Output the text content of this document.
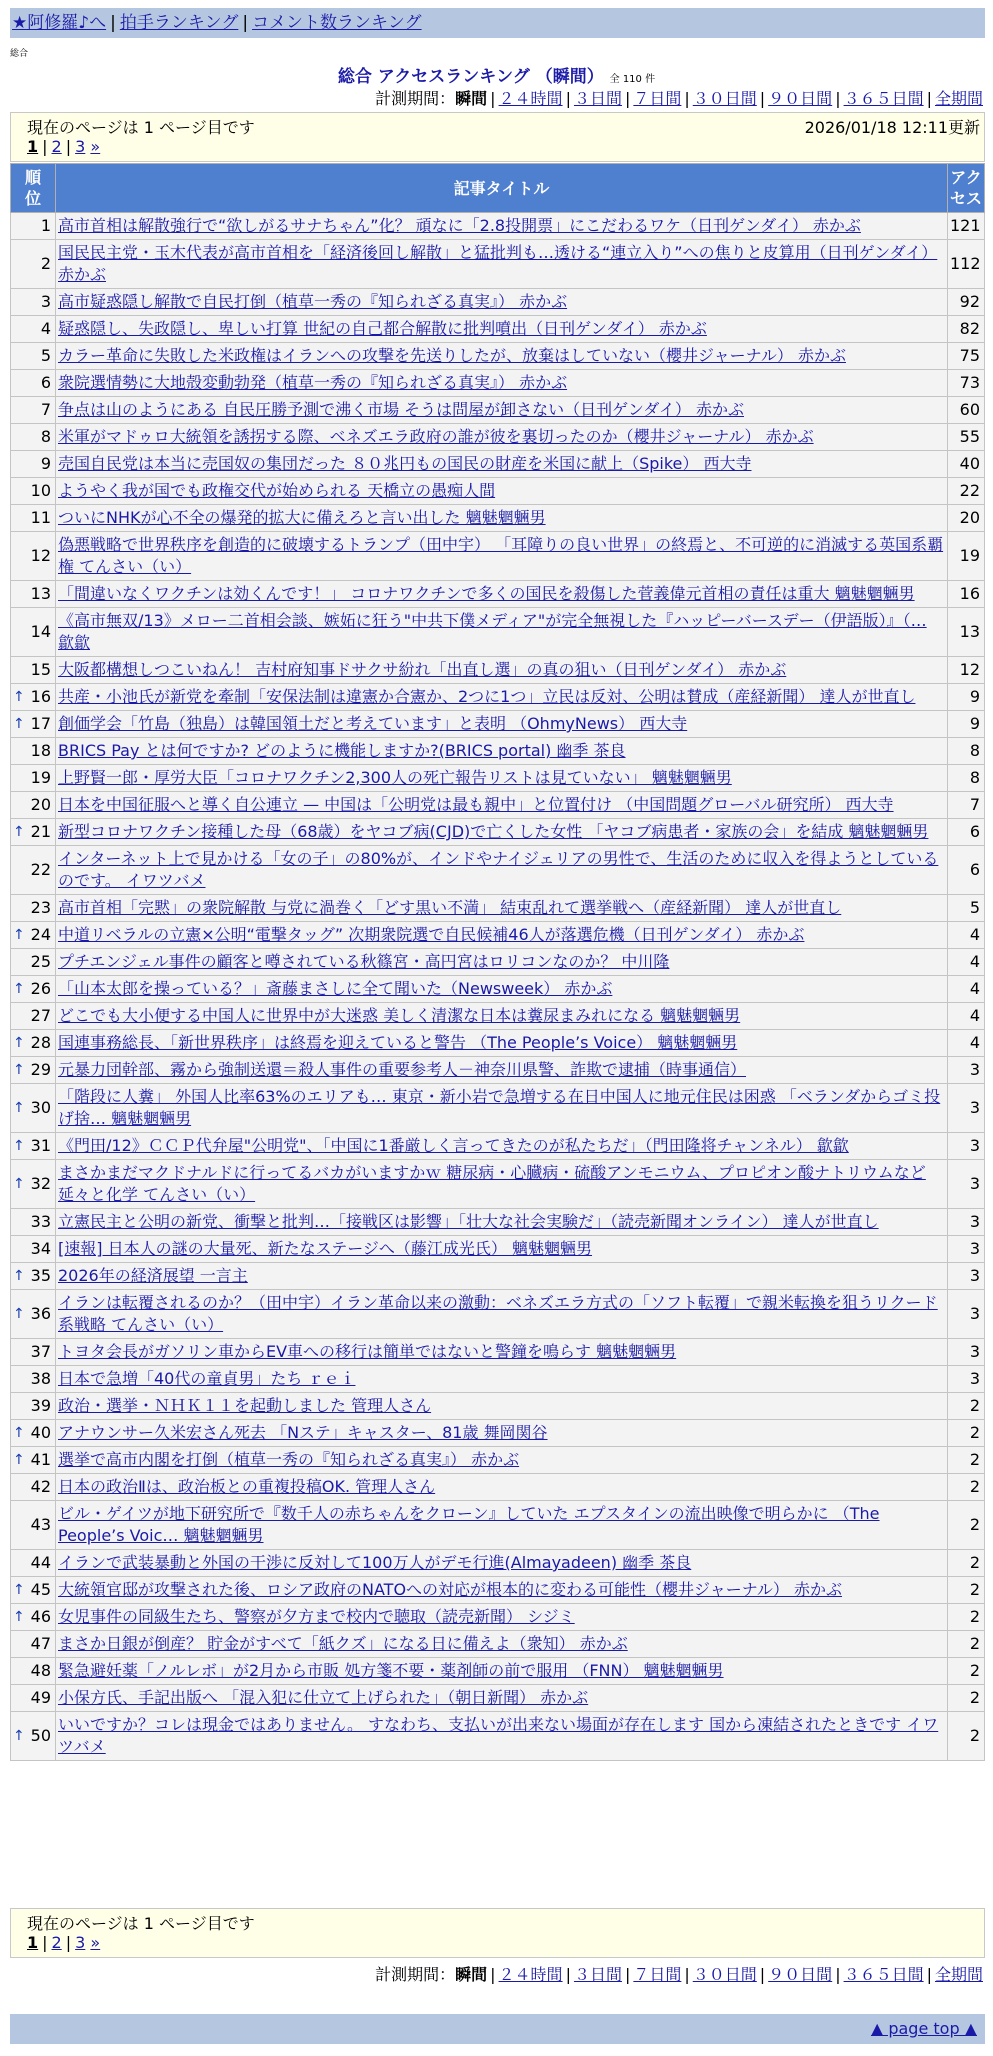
★阿修羅♪へ | 拍手ランキング | コメント数ランキング
総合
総合 アクセスランキング （瞬間） 全 110 件
計測期間：瞬間 | ２４時間 | ３日間 | ７日間 | ３０日間 | ９０日間 | ３６５日間 | 全期間
現在のページは 1 ページ目です	2026/01/18 12:11更新
1 | 2 | 3 »
順位	記事タイトル	アクセス
1	高市首相は解散強行で“欲しがるサナちゃん”化？ 頑なに「2.8投開票」にこだわるワケ（日刊ゲンダイ） 赤かぶ	121
2	国民民主党・玉木代表が高市首相を「経済後回し解散」と猛批判も…透ける“連立入り”への焦りと皮算用（日刊ゲンダイ） 赤かぶ	112
3	高市疑惑隠し解散で自民打倒（植草一秀の『知られざる真実』） 赤かぶ	92
4	疑惑隠し、失政隠し、卑しい打算 世紀の自己都合解散に批判噴出（日刊ゲンダイ） 赤かぶ	82
5	カラー革命に失敗した米政権はイランへの攻撃を先送りしたが、放棄はしていない（櫻井ジャーナル） 赤かぶ	75
6	衆院選情勢に大地殻変動勃発（植草一秀の『知られざる真実』） 赤かぶ	73
7	争点は山のようにある 自民圧勝予測で沸く市場 そうは問屋が卸さない（日刊ゲンダイ） 赤かぶ	60
8	米軍がマドゥロ大統領を誘拐する際、ベネズエラ政府の誰が彼を裏切ったのか（櫻井ジャーナル） 赤かぶ	55
9	売国自民党は本当に売国奴の集団だった ８０兆円もの国民の財産を米国に献上（Spike） 西大寺	40
10	ようやく我が国でも政権交代が始められる 天橋立の愚痴人間	22
11	ついにNHKが心不全の爆発的拡大に備えろと言い出した 魑魅魍魎男	20
12	偽悪戦略で世界秩序を創造的に破壊するトランプ（田中宇） 「耳障りの良い世界」の終焉と、不可逆的に消滅する英国系覇権 てんさい（い）	19
13	「間違いなくワクチンは効くんです！」 コロナワクチンで多くの国民を殺傷した菅義偉元首相の責任は重大 魑魅魍魎男	16
14	《高市無双/13》メロー二首相会談、嫉妬に狂う"中共下僕メディア"が完全無視した『ハッピーバースデー（伊語版）』（… 歙歙	13
15	大阪都構想しつこいねん！ 吉村府知事ドサクサ紛れ「出直し選」の真の狙い（日刊ゲンダイ） 赤かぶ	12

↑ 16	共産・小池氏が新党を牽制「安保法制は違憲か合憲か、2つに1つ」立民は反対、公明は賛成（産経新聞） 達人が世直し	9

↑ 17	創価学会「竹島（独島）は韓国領土だと考えています」と表明 （OhmyNews） 西大寺	9
18	BRICS Pay とは何ですか? どのように機能しますか?(BRICS portal) 幽季 茶良	8
19	上野賢一郎・厚労大臣「コロナワクチン2,300人の死亡報告リストは見ていない」 魑魅魍魎男	8
20	日本を中国征服へと導く自公連立 — 中国は「公明党は最も親中」と位置付け （中国問題グローバル研究所） 西大寺	7

↑ 21	新型コロナワクチン接種した母（68歳）をヤコブ病(CJD)で亡くした女性 「ヤコブ病患者・家族の会」を結成 魑魅魍魎男	6
22	インターネット上で見かける「女の子」の80%が、インドやナイジェリアの男性で、生活のために収入を得ようとしているのです。 イワツバメ	6
23	高市首相「完黙」の衆院解散 与党に渦巻く「どす黒い不満」 結束乱れて選挙戦へ（産経新聞） 達人が世直し	5

↑ 24	中道リベラルの立憲×公明“電撃タッグ” 次期衆院選で自民候補46人が落選危機（日刊ゲンダイ） 赤かぶ	4
25	プチエンジェル事件の顧客と噂されている秋篠宮・高円宮はロリコンなのか？ 中川隆	4

↑ 26	「山本太郎を操っている？」斎藤まさしに全て聞いた（Newsweek） 赤かぶ	4
27	どこでも大小便する中国人に世界中が大迷惑 美しく清潔な日本は糞尿まみれになる 魑魅魍魎男	4

↑ 28	国連事務総長、「新世界秩序」は終焉を迎えていると警告 （The People’s Voice） 魑魅魍魎男	4

↑ 29	元暴力団幹部、霧から強制送還＝殺人事件の重要参考人－神奈川県警、詐欺で逮捕（時事通信）	3

↑ 30	「階段に人糞」 外国人比率63%のエリアも… 東京・新小岩で急増する在日中国人に地元住民は困惑 「ベランダからゴミ投げ捨… 魑魅魍魎男	3

↑ 31	《門田/12》ＣＣＰ代弁屋"公明党"、「中国に1番厳しく言ってきたのが私たちだ」（門田隆将チャンネル） 歙歙	3

↑ 32	まさかまだマクドナルドに行ってるバカがいますかｗ 糖尿病・心臓病・硫酸アンモニウム、プロピオン酸ナトリウムなど延々と化学 てんさい（い）	3
33	立憲民主と公明の新党、衝撃と批判…「接戦区は影響」「壮大な社会実験だ」（読売新聞オンライン） 達人が世直し	3
34	[速報] 日本人の謎の大量死、新たなステージへ（藤江成光氏） 魑魅魍魎男	3

↑ 35	2026年の経済展望 一言主	3

↑ 36	イランは転覆されるのか？（田中宇）イラン革命以来の激動：ベネズエラ方式の「ソフト転覆」で親米転換を狙うリクード系戦略 てんさい（い）	3
37	トヨタ会長がガソリン車からEV車への移行は簡単ではないと警鐘を鳴らす 魑魅魍魎男	3
38	日本で急増「40代の童貞男」たち ｒｅｉ	3
39	政治・選挙・ＮＨＫ１１を起動しました 管理人さん	2

↑ 40	アナウンサー久米宏さん死去 「Nステ」キャスター、81歳 舞岡関谷	2

↑ 41	選挙で高市内閣を打倒（植草一秀の『知られざる真実』） 赤かぶ	2
42	日本の政治Ⅱは、政治板との重複投稿OK. 管理人さん	2
43	ビル・ゲイツが地下研究所で『数千人の赤ちゃんをクローン』していた エプスタインの流出映像で明らかに （The People’s Voic… 魑魅魍魎男	2
44	イランで武装暴動と外国の干渉に反対して100万人がデモ行進(Almayadeen) 幽季 茶良	2

↑ 45	大統領官邸が攻撃された後、ロシア政府のNATOへの対応が根本的に変わる可能性（櫻井ジャーナル） 赤かぶ	2

↑ 46	女児事件の同級生たち、警察が夕方まで校内で聴取（読売新聞） シジミ	2
47	まさか日銀が倒産？ 貯金がすべて「紙クズ」になる日に備えよ（衆知） 赤かぶ	2
48	緊急避妊薬「ノルレボ」が2月から市販 処方箋不要・薬剤師の前で服用 （FNN） 魑魅魍魎男	2
49	小保方氏、手記出版へ 「混入犯に仕立て上げられた」（朝日新聞） 赤かぶ	2

↑ 50	いいですか？コレは現金ではありません。 すなわち、支払いが出来ない場面が存在します 国から凍結されたときです イワツバメ	2
現在のページは 1 ページ目です
1 | 2 | 3 »
計測期間：瞬間 | ２４時間 | ３日間 | ７日間 | ３０日間 | ９０日間 | ３６５日間 | 全期間
▲ page top ▲
